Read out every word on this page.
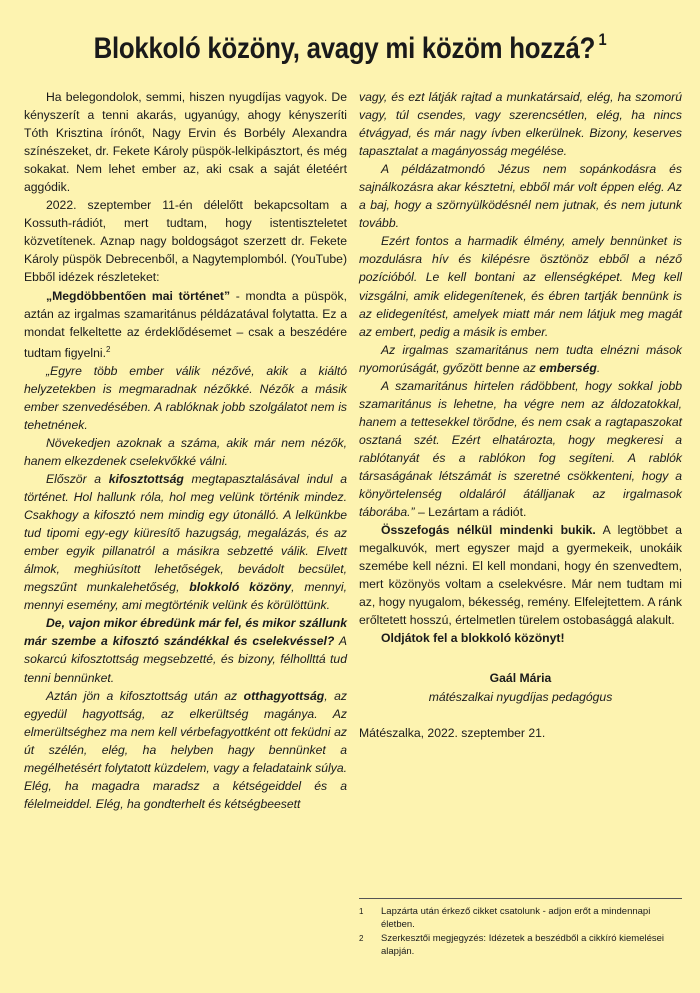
Blokkoló közöny, avagy mi közöm hozzá? $^1$

Ha belegondolok, semmi, hiszen nyugdíjas vagyok. De kényszerít a tenni akarás, ugyanúgy, ahogy kényszeríti Tóth Krisztina írónőt, Nagy Ervin és Borbély Alexandra színészeket, dr. Fekete Károly püspök-lelkipásztort, és még sokakat. Nem lehet ember az, aki csak a saját életéért aggódik.

2022. szeptember 11-én délelőtt bekapcsoltam a Kossuth-rádiót, mert tudtam, hogy istentiszteletet közvetítenek. Aznap nagy boldogságot szerzett dr. Fekete Károly püspök Debrecenből, a Nagytemplomból. (YouTube) Ebből idézek részleteket:

„Megdöbbentően mai történet” - mondta a püspök, aztán az irgalmas szamaritánus példázatával folytatta. Ez a mondat felkeltette az érdeklődésemet – csak a beszédére tudtam figyelni.$^2$

„Egyre több ember válik nézővé, akik a kiáltó helyzetekben is megmaradnak nézőkké. Nézők a másik ember szenvedésében. A rablóknak jobb szolgálatot nem is tehetnének.

Növekedjen azoknak a száma, akik már nem nézők, hanem elkezdenek cselekvőkké válni.

Először a kifosztottság megtapasztalásával indul a történet. Hol hallunk róla, hol meg velünk történik mindez. Csakhogy a kifosztó nem mindig egy útonálló. A lelkünkbe tud tipomi egy-egy kiüresítő hazugság, megalázás, és az ember egyik pillanatról a másikra sebzetté válik. Elvett álmok, meghiúsított lehetőségek, bevádolt becsület, megszűnt munkalehetőség, blokkoló közöny, mennyi, mennyi esemény, ami megtörténik velünk és körülöttünk.

De, vajon mikor ébredünk már fel, és mikor szállunk már szembe a kifosztó szándékkal és cselekvéssel? A sokarcú kifosztottság megsebzetté, és bizony, félhollttá tud tenni bennünket.

Aztán jön a kifosztottság után az otthagyottság, az egyedül hagyottság, az elkerültség magánya. Az elmerültséghez ma nem kell vérbefagyottként ott feküdni az út szélén, elég, ha helyben hagy bennünket a megélhetésért folytatott küzdelem, vagy a feladataink súlya. Elég, ha magadra maradsz a kétségeiddel és a félelmeiddel. Elég, ha gondterhelt és kétségbeesett

vagy, és ezt látják rajtad a munkatársaid, elég, ha szomorú vagy, túl csendes, vagy szerencsétlen, elég, ha nincs étvágyad, és már nagy ívben elkerülnek. Bizony, keserves tapasztalat a magányosság megélése.

A példázatmondó Jézus nem sopánkodásra és sajnálkozásra akar késztetni, ebből már volt éppen elég. Az a baj, hogy a szörnyülködésnél nem jutnak, és nem jutunk tovább.

Ezért fontos a harmadik élmény, amely bennünket is mozdulásra hív és kilépésre ösztönöz ebből a néző pozícióból. Le kell bontani az ellenségképet. Meg kell vizsgálni, amik elidegenítenek, és ébren tartják bennünk is az elidegenítést, amelyek miatt már nem látjuk meg magát az embert, pedig a másik is ember.

Az irgalmas szamaritánus nem tudta elnézni mások nyomorúságát, győzött benne az emberség.

A szamaritánus hirtelen rádöbbent, hogy sokkal jobb szamaritánus is lehetne, ha végre nem az áldozatokkal, hanem a tettesekkel törődne, és nem csak a ragtapaszokat osztaná szét. Ezért elhatározta, hogy megkeresi a rablótanyát és a rablókon fog segíteni. A rablók társaságának létszámát is szeretné csökkenteni, hogy a könyörtelenség oldaláról átálljanak az irgalmasok táborába.” – Lezártam a rádiót.

Összefogás nélkül mindenki bukik. A legtöbbet a megalkuvók, mert egyszer majd a gyermekeik, unokáik szemébe kell nézni. El kell mondani, hogy én szenvedtem, mert közönyös voltam a cselekvésre. Már nem tudtam mi az, hogy nyugalom, békesség, remény. Elfelejtettem. A ránk erőltetett hosszú, értelmetlen türelem ostobasággá alakult.

Oldjátok fel a blokkoló közönyt!

Gaál Mária

mátészalkai nyugdíjas pedagógus

Mátészalka, 2022. szeptember 21.

1	Lapzárta után érkező cikket csatolunk - adjon erőt a mindennapi életben.
2	Szerkesztői megjegyzés: Idézetek a beszédből a cikkíró kiemelései alapján.
